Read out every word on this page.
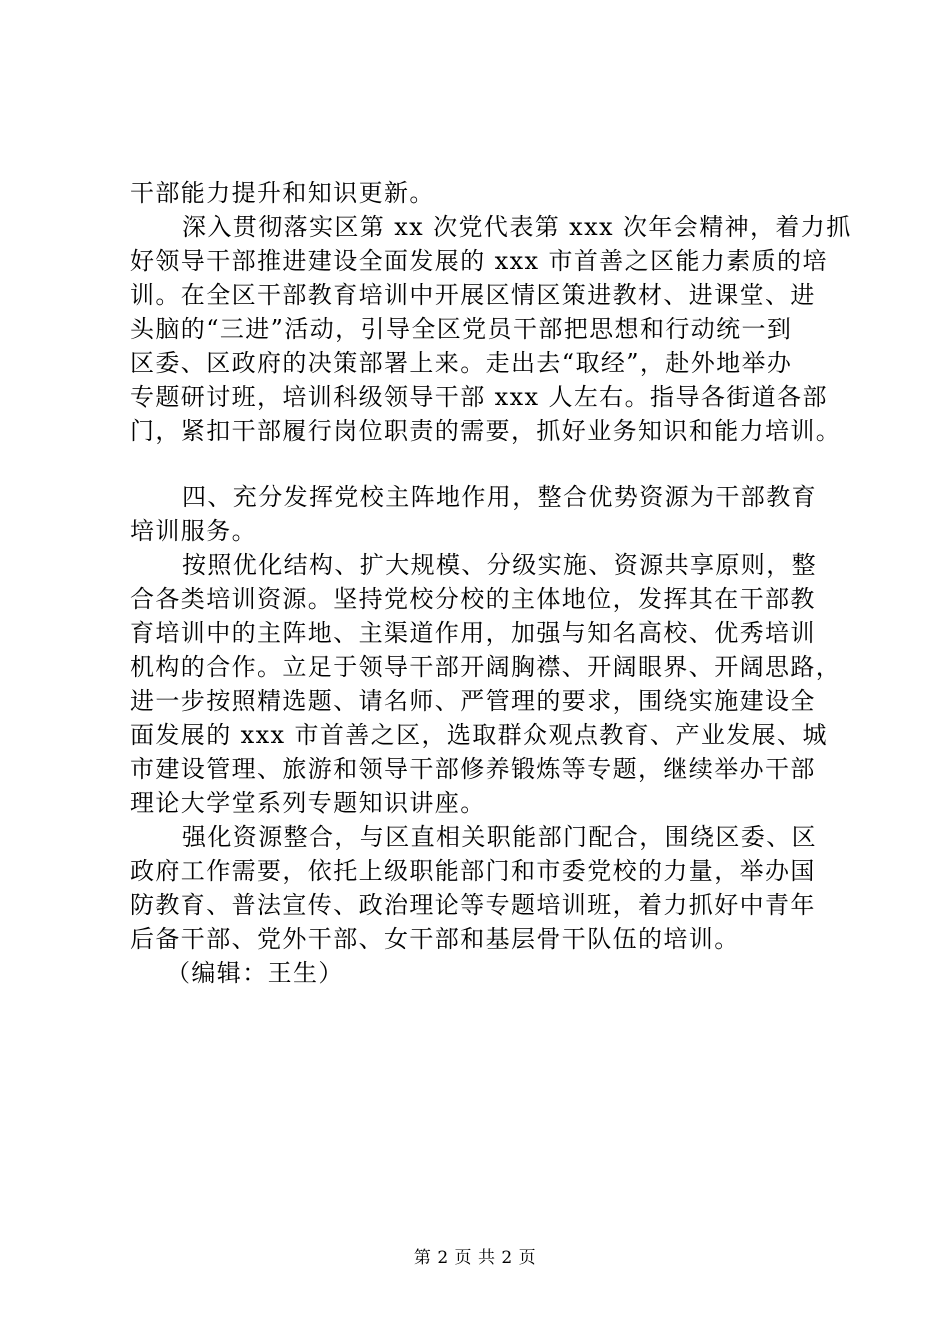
干部能力提升和知识更新。
深入贯彻落实区第 xx 次党代表第 xxx 次年会精神，着力抓
好领导干部推进建设全面发展的 xxx 市首善之区能力素质的培
训。在全区干部教育培训中开展区情区策进教材、进课堂、进
头脑的“三进”活动，引导全区党员干部把思想和行动统一到
区委、区政府的决策部署上来。走出去“取经”，赴外地举办
专题研讨班，培训科级领导干部 xxx 人左右。指导各街道各部
门，紧扣干部履行岗位职责的需要，抓好业务知识和能力培训。
四、充分发挥党校主阵地作用，整合优势资源为干部教育
培训服务。
按照优化结构、扩大规模、分级实施、资源共享原则，整
合各类培训资源。坚持党校分校的主体地位，发挥其在干部教
育培训中的主阵地、主渠道作用，加强与知名高校、优秀培训
机构的合作。立足于领导干部开阔胸襟、开阔眼界、开阔思路，
进一步按照精选题、请名师、严管理的要求，围绕实施建设全
面发展的 xxx 市首善之区，选取群众观点教育、产业发展、城
市建设管理、旅游和领导干部修养锻炼等专题，继续举办干部
理论大学堂系列专题知识讲座。
强化资源整合，与区直相关职能部门配合，围绕区委、区
政府工作需要，依托上级职能部门和市委党校的力量，举办国
防教育、普法宣传、政治理论等专题培训班，着力抓好中青年
后备干部、党外干部、女干部和基层骨干队伍的培训。
（编辑：王生）
第 2 页 共 2 页
